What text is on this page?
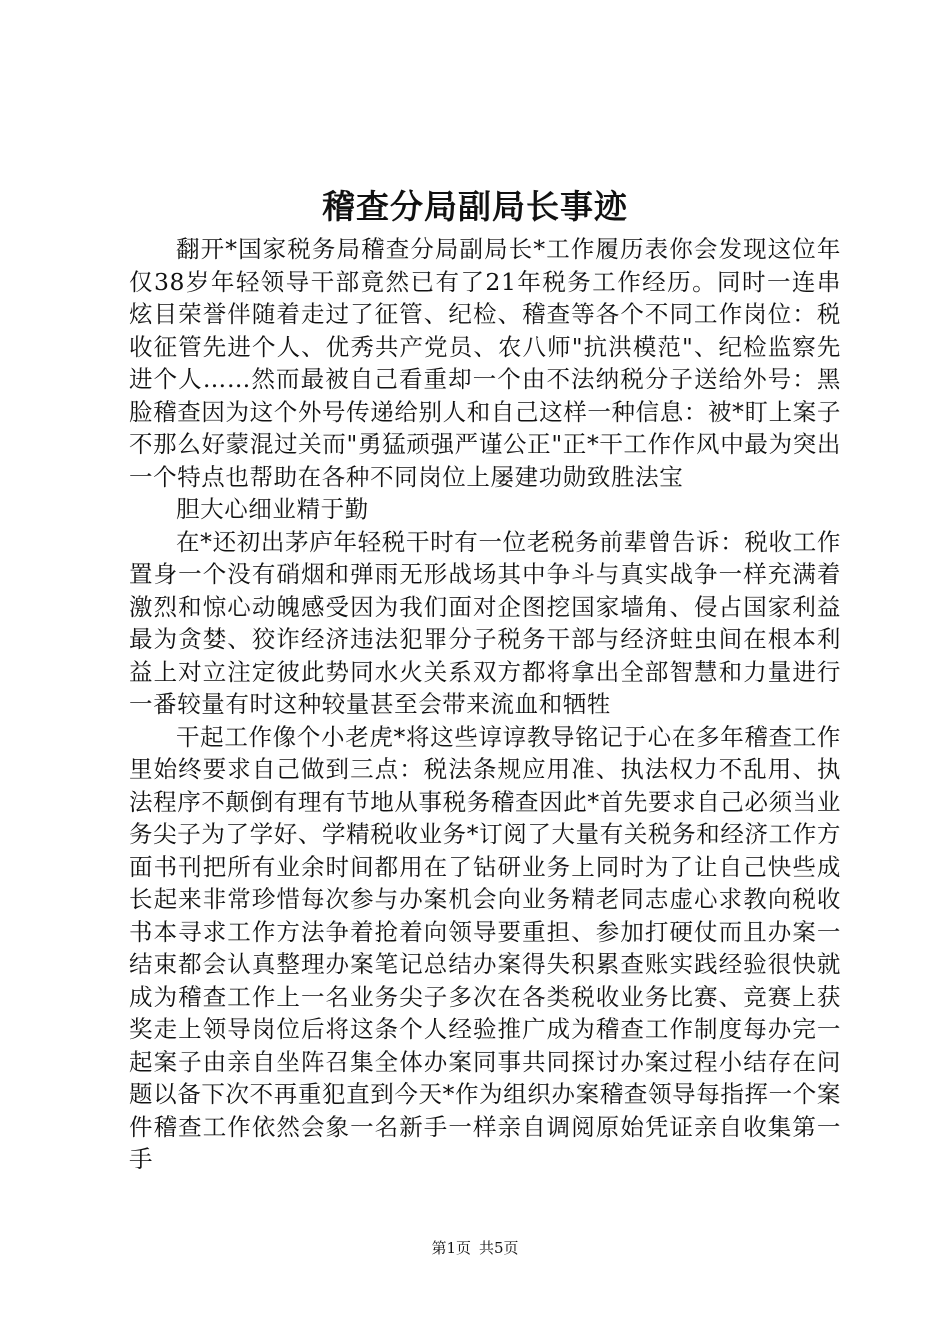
稽查分局副局长事迹

翻开*国家税务局稽查分局副局长*工作履历表你会发现这位年仅38岁年轻领导干部竟然已有了21年税务工作经历。同时一连串炫目荣誉伴随着走过了征管、纪检、稽查等各个不同工作岗位：税收征管先进个人、优秀共产党员、农八师"抗洪模范"、纪检监察先进个人……然而最被自己看重却一个由不法纳税分子送给外号：黑脸稽查因为这个外号传递给别人和自己这样一种信息：被*盯上案子不那么好蒙混过关而"勇猛顽强严谨公正"正*干工作作风中最为突出一个特点也帮助在各种不同岗位上屡建功勋致胜法宝

胆大心细业精于勤

在*还初出茅庐年轻税干时有一位老税务前辈曾告诉：税收工作置身一个没有硝烟和弹雨无形战场其中争斗与真实战争一样充满着激烈和惊心动魄感受因为我们面对企图挖国家墙角、侵占国家利益最为贪婪、狡诈经济违法犯罪分子税务干部与经济蛀虫间在根本利益上对立注定彼此势同水火关系双方都将拿出全部智慧和力量进行一番较量有时这种较量甚至会带来流血和牺牲

干起工作像个小老虎*将这些谆谆教导铭记于心在多年稽查工作里始终要求自己做到三点：税法条规应用准、执法权力不乱用、执法程序不颠倒有理有节地从事税务稽查因此*首先要求自己必须当业务尖子为了学好、学精税收业务*订阅了大量有关税务和经济工作方面书刊把所有业余时间都用在了钻研业务上同时为了让自己快些成长起来非常珍惜每次参与办案机会向业务精老同志虚心求教向税收书本寻求工作方法争着抢着向领导要重担、参加打硬仗而且办案一结束都会认真整理办案笔记总结办案得失积累查账实践经验很快就成为稽查工作上一名业务尖子多次在各类税收业务比赛、竞赛上获奖走上领导岗位后将这条个人经验推广成为稽查工作制度每办完一起案子由亲自坐阵召集全体办案同事共同探讨办案过程小结存在问题以备下次不再重犯直到今天*作为组织办案稽查领导每指挥一个案件稽查工作依然会象一名新手一样亲自调阅原始凭证亲自收集第一手

第1页 共5页
